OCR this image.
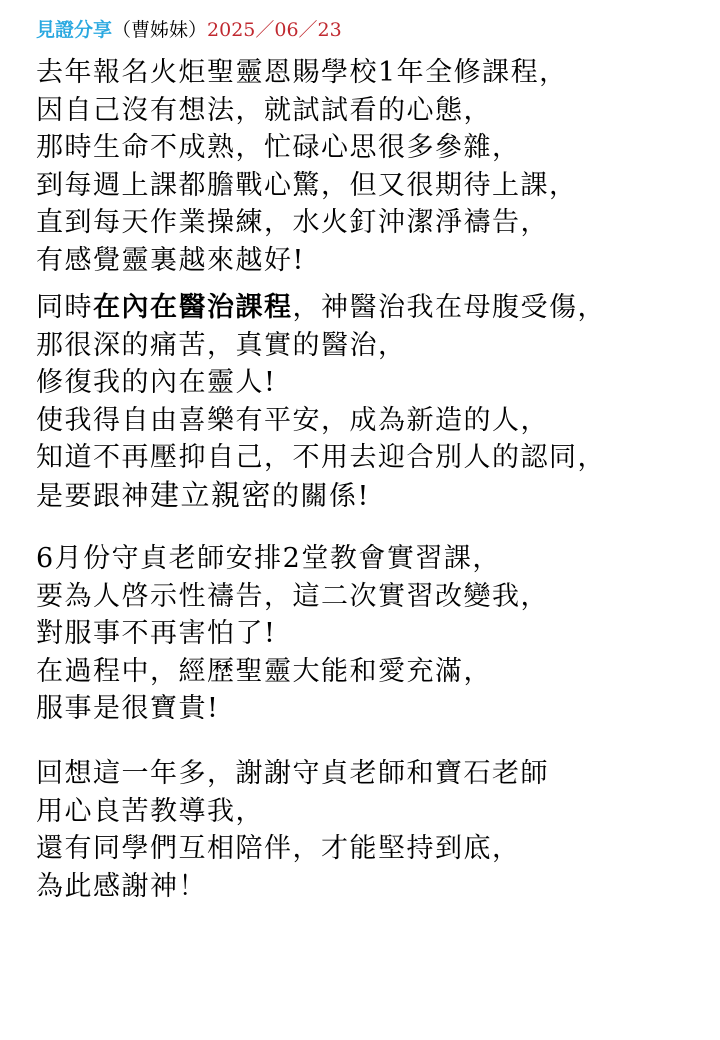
見證分享（曹姊妹）2025／06／23
去年報名火炬聖靈恩賜學校1年全修課程，
因自己沒有想法，就試試看的心態，
那時生命不成熟，忙碌心思很多參雜，
到每週上課都膽戰心驚，但又很期待上課，
直到每天作業操練，水火釘沖潔淨禱告，
有感覺靈裏越來越好!
同時在內在醫治課程，神醫治我在母腹受傷，
那很深的痛苦，真實的醫治，
修復我的內在靈人!
使我得自由喜樂有平安，成為新造的人，
知道不再壓抑自己，不用去迎合別人的認同，
是要跟神建立親密的關係!
6月份守貞老師安排2堂教會實習課，
要為人啓示性禱告，這二次實習改變我，
對服事不再害怕了!
在過程中，經歷聖靈大能和愛充滿，
服事是很寶貴!
回想這一年多，謝謝守貞老師和寶石老師
用心良苦教導我，
還有同學們互相陪伴，才能堅持到底，
為此感謝神！
